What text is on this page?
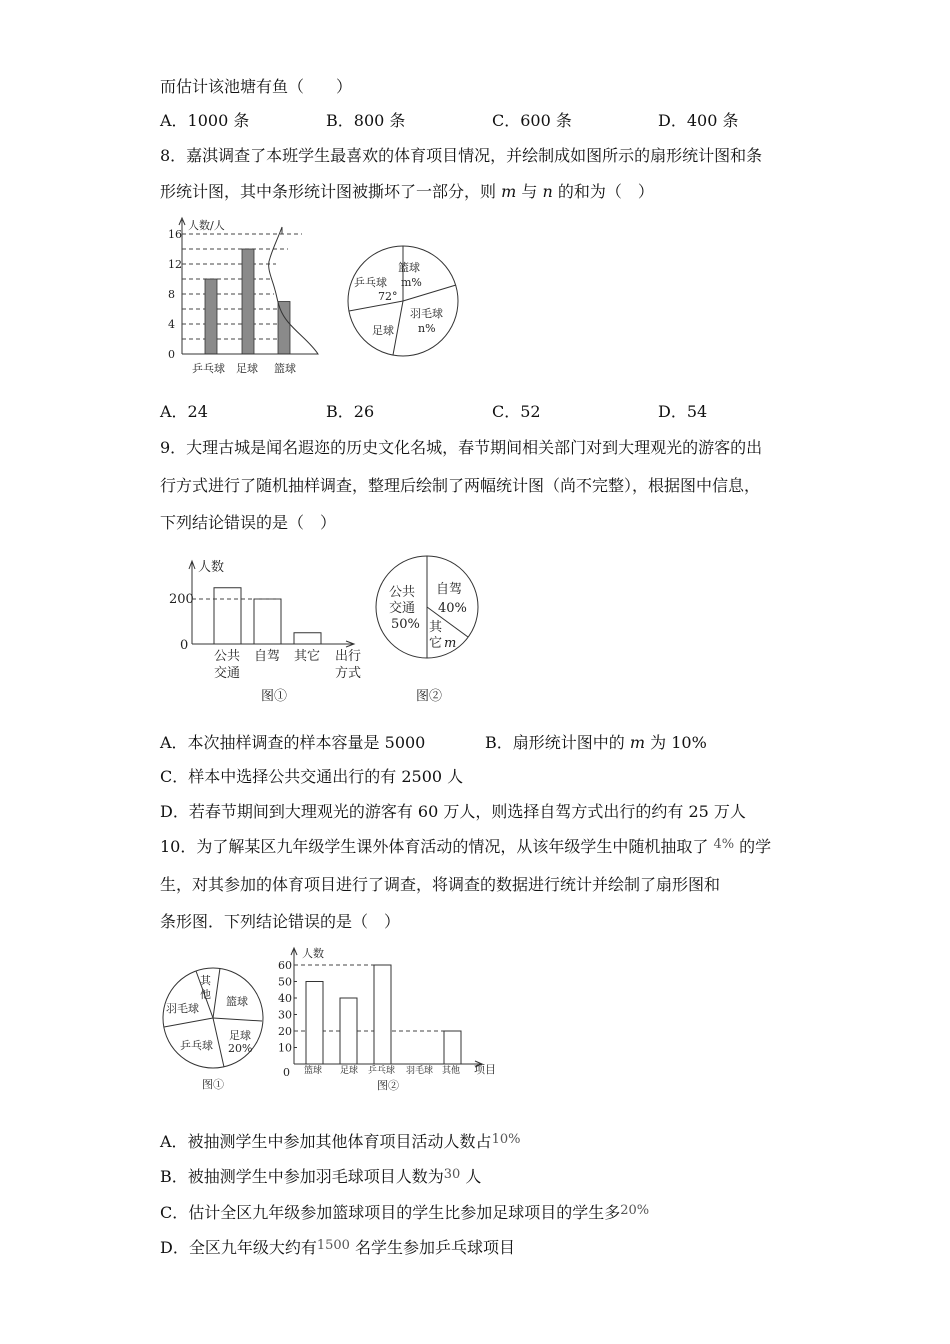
而估计该池塘有鱼（　　）
A．1000 条	B．800 条	C．600 条	D．400 条
8．嘉淇调查了本班学生最喜欢的体育项目情况，并绘制成如图所示的扇形统计图和条
形统计图，其中条形统计图被撕坏了一部分，则 m 与 n 的和为（　）
人数/人
16
12
8
4
0
乒乓球 足球 篮球
篮球
m%
羽毛球
n%
足球
乒乓球
72°
A．24	B．26	C．52	D．54
9．大理古城是闻名遐迩的历史文化名城，春节期间相关部门对到大理观光的游客的出
行方式进行了随机抽样调查，整理后绘制了两幅统计图（尚不完整），根据图中信息，
下列结论错误的是（　）
人数
200
0
公共
交通
自驾 其它 出行
方式
图①
公共
交通
50%
自驾
40%
其
它 m
图②
A．本次抽样调查的样本容量是 5000	B．扇形统计图中的 m 为 10%
C．样本中选择公共交通出行的有 2500 人
D．若春节期间到大理观光的游客有 60 万人，则选择自驾方式出行的约有 25 万人
10．为了解某区九年级学生课外体育活动的情况，从该年级学生中随机抽取了 $^{4\%}$ 的学
生，对其参加的体育项目进行了调查，将调查的数据进行统计并绘制了扇形图和
条形图．下列结论错误的是（　）
其
他
篮球
足球
20%
乒乓球
羽毛球
图①
人数
项目
60
50
40
30
20
10
0 篮球 足球 乒乓球 羽毛球 其他
图②
A．被抽测学生中参加其他体育项目活动人数占$^{10\%}$
B．被抽测学生中参加羽毛球项目人数为$^{30}$ 人
C．估计全区九年级参加篮球项目的学生比参加足球项目的学生多$^{20\%}$
D．全区九年级大约有$^{1500}$ 名学生参加乒乓球项目
